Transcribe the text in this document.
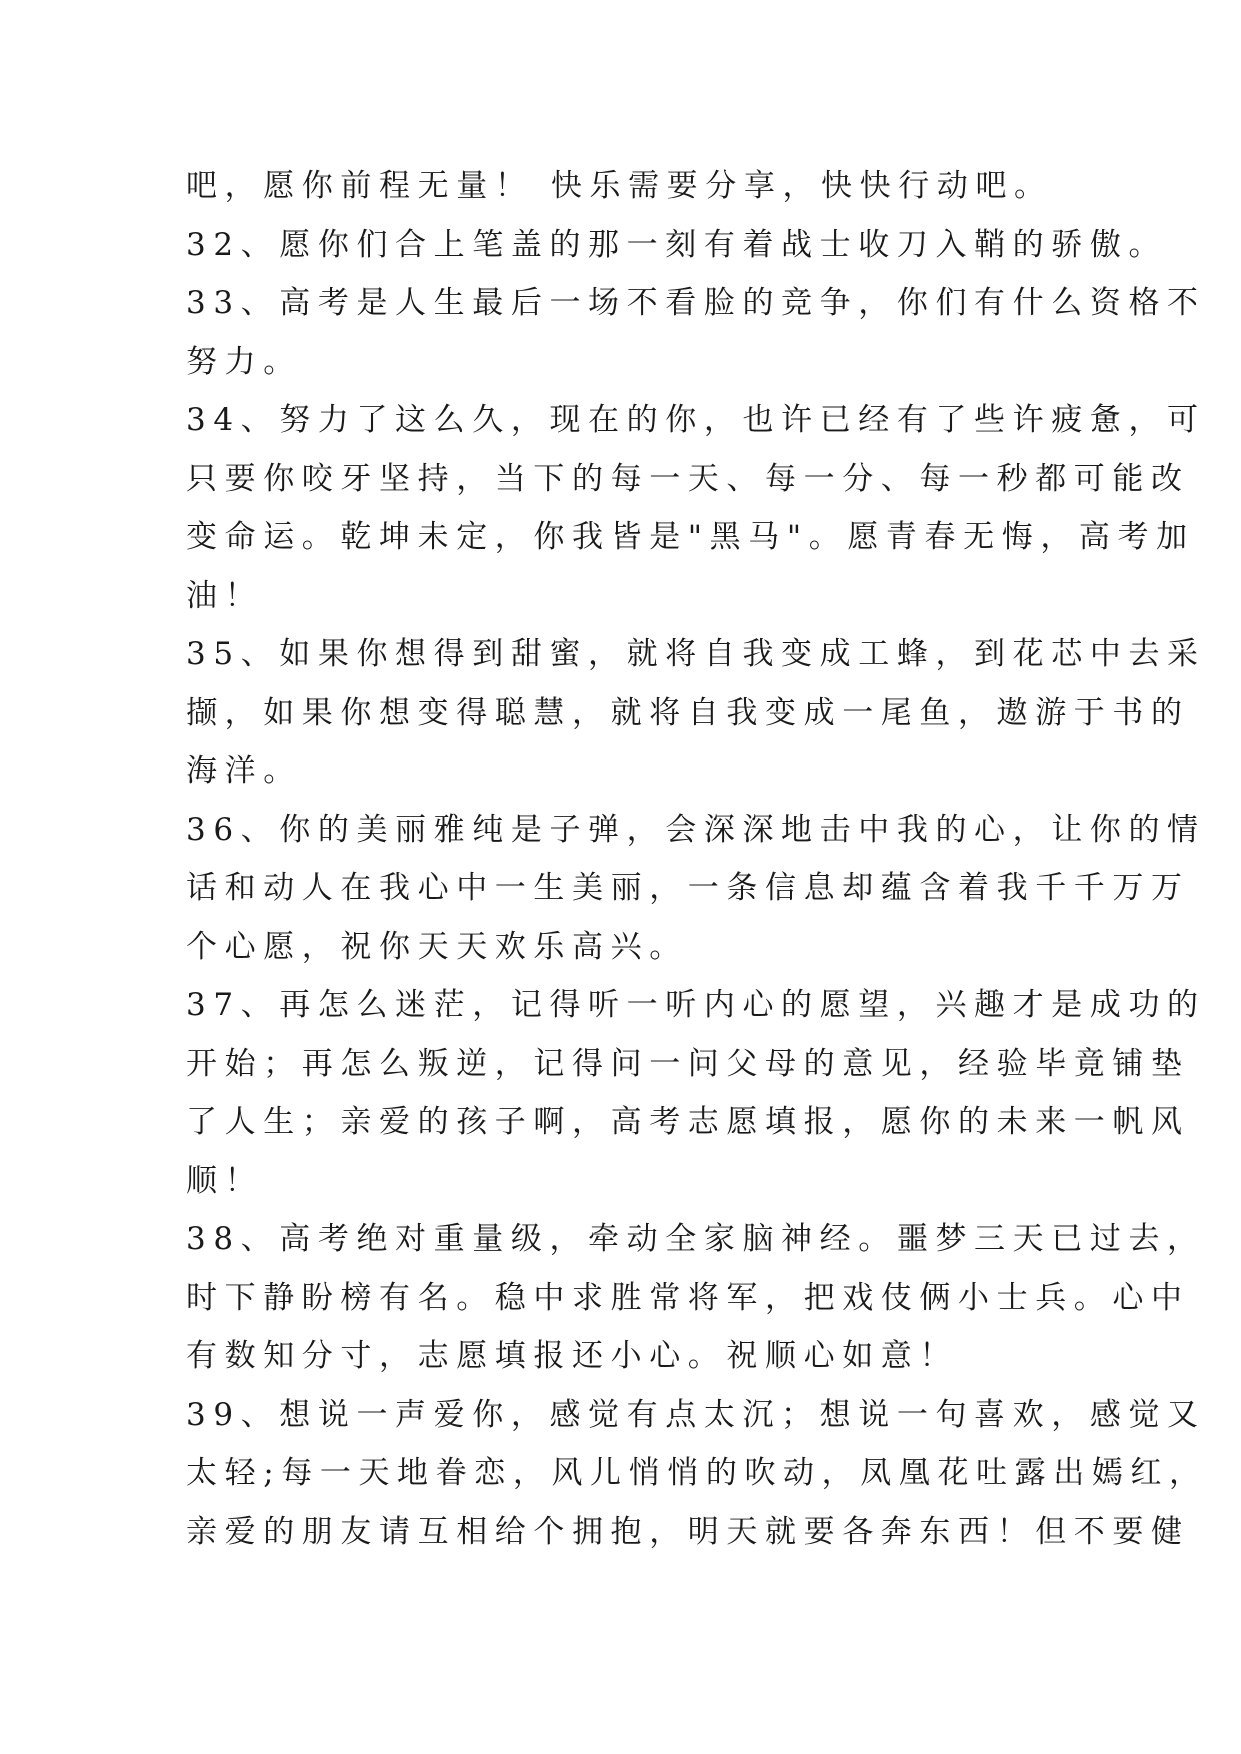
吧，愿你前程无量！ 快乐需要分享，快快行动吧。
32、愿你们合上笔盖的那一刻有着战士收刀入鞘的骄傲。
33、高考是人生最后一场不看脸的竞争，你们有什么资格不
努力。
34、努力了这么久，现在的你，也许已经有了些许疲惫，可
只要你咬牙坚持，当下的每一天、每一分、每一秒都可能改
变命运。乾坤未定，你我皆是"黑马"。愿青春无悔，高考加
油！
35、如果你想得到甜蜜，就将自我变成工蜂，到花芯中去采
撷，如果你想变得聪慧，就将自我变成一尾鱼，遨游于书的
海洋。
36、你的美丽雅纯是子弹，会深深地击中我的心，让你的情
话和动人在我心中一生美丽，一条信息却蕴含着我千千万万
个心愿，祝你天天欢乐高兴。
37、再怎么迷茫，记得听一听内心的愿望，兴趣才是成功的
开始；再怎么叛逆，记得问一问父母的意见，经验毕竟铺垫
了人生；亲爱的孩子啊，高考志愿填报，愿你的未来一帆风
顺！
38、高考绝对重量级，牵动全家脑神经。噩梦三天已过去，
时下静盼榜有名。稳中求胜常将军，把戏伎俩小士兵。心中
有数知分寸，志愿填报还小心。祝顺心如意！
39、想说一声爱你，感觉有点太沉；想说一句喜欢，感觉又
太轻;每一天地眷恋，风儿悄悄的吹动，凤凰花吐露出嫣红，
亲爱的朋友请互相给个拥抱，明天就要各奔东西！但不要健
